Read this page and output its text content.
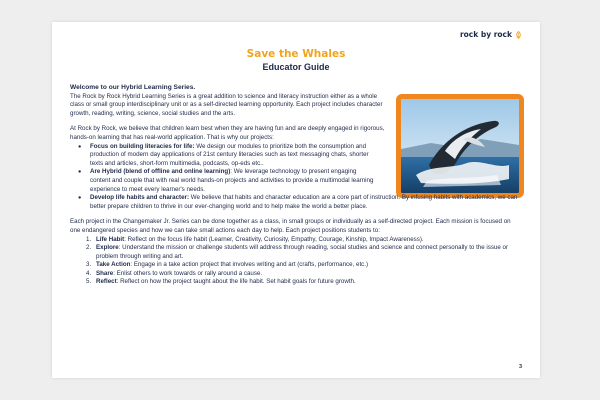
rock by rock
Save the Whales
Educator Guide

Welcome to our Hybrid Learning Series.

The Rock by Rock Hybrid Learning Series is a great addition to science and literacy instruction either as a whole class or small group interdisciplinary unit or as a self-directed learning opportunity. Each project includes character growth, reading, writing, science, social studies and the arts.

At Rock by Rock, we believe that children learn best when they are having fun and are deeply engaged in rigorous, hands-on learning that has real-world application. That is why our projects:

● Focus on building literacies for life: We design our modules to prioritize both the consumption and production of modern day applications of 21st century literacies such as text messaging chats, shorter texts and articles, short-form multimedia, podcasts, op-eds etc..
● Are Hybrid (blend of offline and online learning): We leverage technology to present engaging content and couple that with real world hands-on projects and activities to provide a multimodal learning experience to meet every learner's needs.
● Develop life habits and character: We believe that habits and character education are a core part of instruction. By infusing habits with academics, we can better prepare children to thrive in our ever-changing world and to help make the world a better place.

Each project in the Changemaker Jr. Series can be done together as a class, in small groups or individually as a self-directed project. Each mission is focused on one endangered species and how we can take small actions each day to help. Each project positions students to:

1. Life Habit: Reflect on the focus life habit (Learner, Creativity, Curiosity, Empathy, Courage, Kinship, Impact Awareness).
2. Explore: Understand the mission or challenge students will address through reading, social studies and science and connect personally to the issue or problem through writing and art.
3. Take Action: Engage in a take action project that involves writing and art (crafts, performance, etc.)
4. Share: Enlist others to work towards or rally around a cause.
5. Reflect: Reflect on how the project taught about the life habit. Set habit goals for future growth.
3
